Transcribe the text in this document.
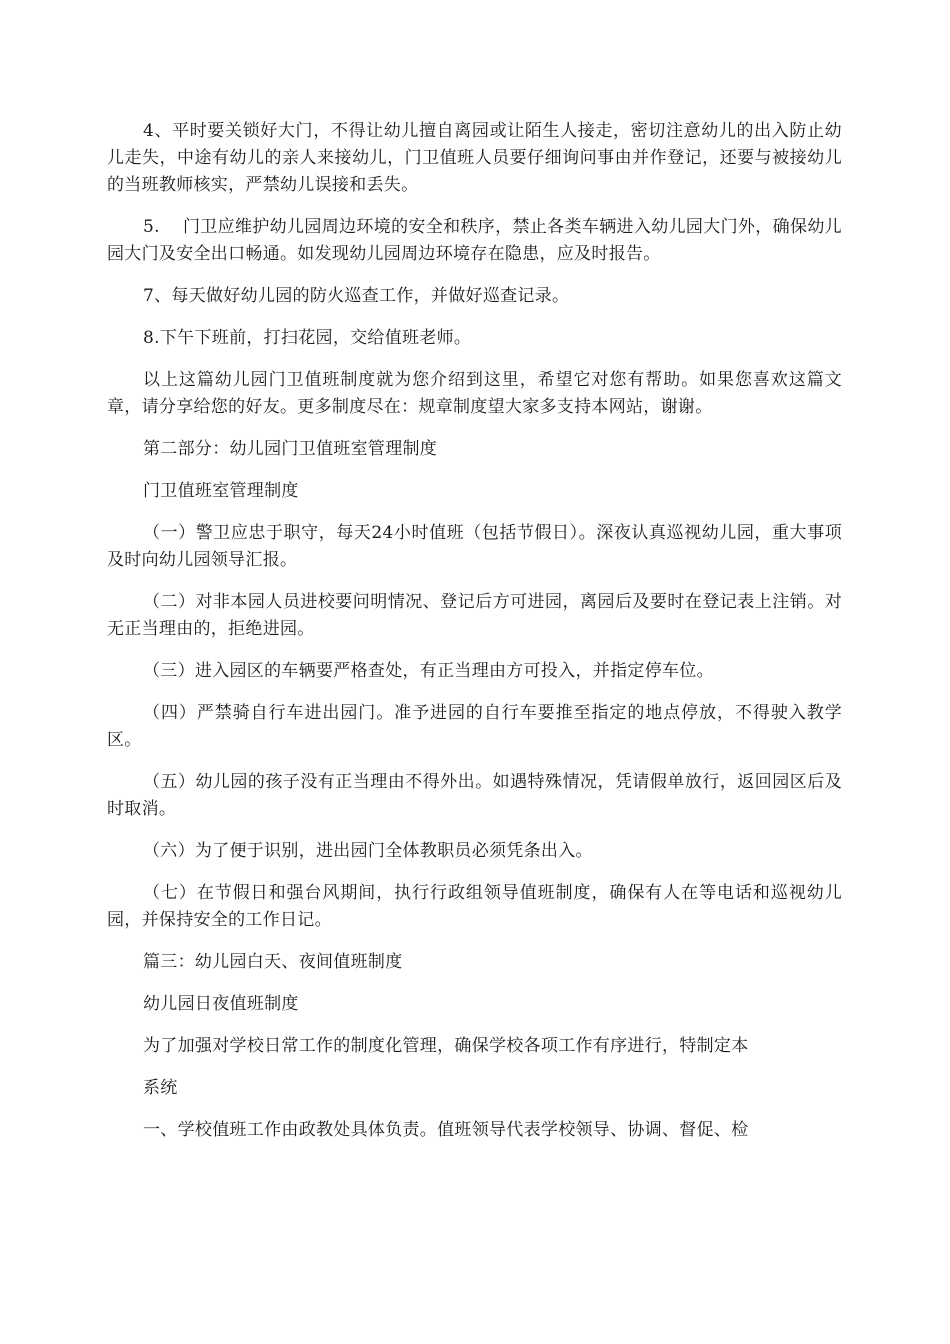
4、平时要关锁好大门，不得让幼儿擅自离园或让陌生人接走，密切注意幼儿的出入防止幼儿走失，中途有幼儿的亲人来接幼儿，门卫值班人员要仔细询问事由并作登记，还要与被接幼儿的当班教师核实，严禁幼儿误接和丢失。

5.　 门卫应维护幼儿园周边环境的安全和秩序，禁止各类车辆进入幼儿园大门外，确保幼儿园大门及安全出口畅通。如发现幼儿园周边环境存在隐患，应及时报告。

7、每天做好幼儿园的防火巡查工作，并做好巡查记录。

8.下午下班前，打扫花园，交给值班老师。

以上这篇幼儿园门卫值班制度就为您介绍到这里，希望它对您有帮助。如果您喜欢这篇文章，请分享给您的好友。更多制度尽在：规章制度望大家多支持本网站，谢谢。

第二部分：幼儿园门卫值班室管理制度

门卫值班室管理制度

（一）警卫应忠于职守，每天24小时值班（包括节假日）。深夜认真巡视幼儿园，重大事项及时向幼儿园领导汇报。

（二）对非本园人员进校要问明情况、登记后方可进园，离园后及要时在登记表上注销。对无正当理由的，拒绝进园。

（三）进入园区的车辆要严格查处，有正当理由方可投入，并指定停车位。

（四）严禁骑自行车进出园门。准予进园的自行车要推至指定的地点停放，不得驶入教学区。

（五）幼儿园的孩子没有正当理由不得外出。如遇特殊情况，凭请假单放行，返回园区后及时取消。

（六）为了便于识别，进出园门全体教职员必须凭条出入。

（七）在节假日和强台风期间，执行行政组领导值班制度，确保有人在等电话和巡视幼儿园，并保持安全的工作日记。

篇三：幼儿园白天、夜间值班制度

幼儿园日夜值班制度

为了加强对学校日常工作的制度化管理，确保学校各项工作有序进行，特制定本

系统

一、学校值班工作由政教处具体负责。值班领导代表学校领导、协调、督促、检
